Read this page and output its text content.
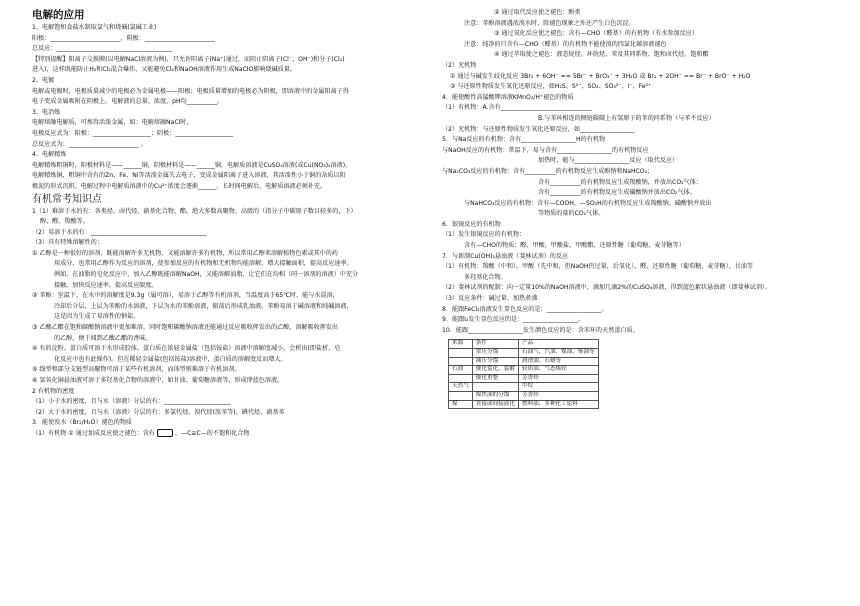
电解的应用
1、电解饱和食盐水制取氯气和烧碱(氯碱工业)
阳极：_______________________，阴极：_______________________
总反应：______________________________________
【特别提醒】阳离子交换膜(以电解NaCl溶液为例)，只允许阳离子(Na⁺)通过，而阻止阴离子(Cl⁻、OH⁻)和分子(Cl₂)
进入)，这样既能防止H₂和Cl₂混合爆炸，又能避免Cl₂和NaOH溶液作用生成NaClO影响烧碱质量。
2、电镀
电解或电镀时，电极质量减少的电极必为金属电极——阳极；电极质量增加的电极必为阴极，即溶液中的金属阳离子得
电子变成金属吸附在阴极上。电解液的总量、浓度、pH均__________。
3、电冶炼
电解熔融电解质，可炼得活泼金属，如：电解熔融NaCl时，
电极反应式为：阳极：___________________；阴极：___________________
总反应式为：_______________________ 。
4、电解精炼
电解精炼粗铜时，阳极材料是——______铜，阴极材料是——______铜，电解质溶液是CuSO₄溶液(或Cu(NO₃)₂溶液)。
电解精炼铜，粗铜中含有的Zn、Fe、Ni等活泼金属失去电子，变成金属阳离子进入溶液，其活泼性小于铜的杂质以阳
极泥的形式沉积。电解过程中电解质溶液中的Cu²⁺浓度会逐渐______。长时间电解后，电解质溶液必须补充。
有机常考知识点
1（1）难溶于水的有：各类烃、卤代烃、硝基化合物、酯、绝大多数高聚物、高级的（指分子中碳原子数目较多的，下）
醇、醛、羧酸等。
（2）易溶于水的有：______________________________________
（3）具有特殊溶解性的：
① 乙醇是一种很好的溶剂，既能溶解许多无机物，又能溶解许多有机物，所以常用乙醇来溶解植物色素或其中的药
用成分，也常用乙醇作为反应的溶剂，使参加反应的有机物和无机物均能溶解，增大接触面积，提高反应速率。
例如，在油脂的皂化反应中，加入乙醇既能溶解NaOH，又能溶解油脂，让它们在均相（同一溶剂的溶液）中充分
接触，加快反应速率，提高反应限度。
② 苯酚：室温下，在水中的溶解度是9.3g（属可溶），易溶于乙醇等有机溶剂，当温度高于65℃时，能与水混溶，
冷却后分层，上层为苯酚的水溶液，下层为水的苯酚溶液，振荡后形成乳浊液。苯酚易溶于碱溶液和纯碱溶液，
这是因为生成了易溶性的钠盐。
③ 乙酸乙酯在饱和碳酸钠溶液中更加难溶，同时饱和碳酸钠溶液还能通过反应吸收挥发出的乙酸，溶解吸收挥发出
的乙醇，便于闻到乙酸乙酯的香味。
④ 有的淀粉、蛋白质可溶于水形成胶体。蛋白质在浓轻金属盐（包括铵盐）溶液中溶解度减小，会析出(即盐析，皂
化反应中也有此操作)。但在稀轻金属盐(包括铵盐)溶液中，蛋白质的溶解度反而增大。
⑤ 线型和部分支链型高聚物可溶于某些有机溶剂，而体型则难溶于有机溶剂。
⑥ 氢氧化铜悬浊液可溶于多羟基化合物的溶液中，如甘油、葡萄糖溶液等，形成绛蓝色溶液。
2 有机物的密度
（1）小于水的密度，且与水（溶液）分层的有：______________________
（2）大于水的密度，且与水（溶液）分层的有：多氯代烃、溴代烃(溴苯等)、碘代烃、硝基苯
3．能使溴水（Br₂/H₂O）褪色的物质
（1）有机物 ① 通过加成反应使之褪色：含有	、—C≡C—的不饱和化合物
② 通过取代反应使之褪色：酚类
注意：苯酚溶液遇浓溴水时，除褪色现象之外还产生白色沉淀。
③ 通过氧化反应使之褪色：含有—CHO（醛基）的有机物（有水参加反应）
注意：纯净的只含有—CHO（醛基）的有机物不能使溴的四氯化碳溶液褪色
④ 通过萃取使之褪色：液态烷烃、环烷烃、苯及其同系物、饱和卤代烃、饱和酯
（2）无机物
① 通过与碱发生歧化反应 3Br₂ + 6OH⁻ == 5Br⁻ + BrO₃⁻ + 3H₂O 或 Br₂ + 2OH⁻ == Br⁻ + BrO⁻ + H₂O
② 与还原性物质发生氧化还原反应，如H₂S、S²⁻、SO₂、SO₃²⁻、I⁻、Fe²⁺
4．能使酸性高锰酸钾溶液KMnO₄/H⁺褪色的物质
（1）有机物：A.含有______________________________
B.与苯环相连的侧链碳碳上有氢原子的苯的同系物（与苯不反应）
（2）无机物：与还原性物质发生氧化还原反应，如__________________
5．与Na反应的有机物：含有__________________H的有机物
与NaOH反应的有机物：常温下，易与含有__________________的有机物反应
加热时，能与__________________反应（取代反应）
与Na₂CO₃反应的有机物：含有__________的有机物反应生成酚钠和NaHCO₃；
含有__________的有机物反应生成羧酸钠，并放出CO₂气体；
含有__________的有机物反应生成磺酸钠并放出CO₂气体。
与NaHCO₃反应的有机物：含有—COOH、—SO₃H的有机物反应生成羧酸钠、磺酸钠并放出
等物质的量的CO₂气体。
6．银镜反应的有机物
（1）发生银镜反应的有机物：
含有—CHO的物质：醛、甲酸、甲酸盐、甲酸酯、还原性糖（葡萄糖、麦芽糖等）
7．与新制Cu(OH)₂悬浊液（斐林试剂）的反应
（1）有机物：羧酸（中和）、甲酸（先中和，但NaOH仍过量，后氧化）、醛、还原性糖（葡萄糖、麦芽糖）、甘油等
多羟基化合物。
（2）斐林试剂的配制：向一定量10%的NaOH溶液中，滴加几滴2%的CuSO₄溶液，得到蓝色絮状悬浊液（即斐林试剂）。
（3）反应条件：碱过量、加热煮沸
8．能跟FeCl₃溶液发生显色反应的是：__________________。
9．能跟I₂发生显色反应的是：__________________。
10．能跟__________________发生颜色反应的是：含苯环的天然蛋白质。
来源	条件	产品
	常压分馏	石油气、汽油、煤油、柴油等
	减压分馏	润滑油、石蜡等
石油	催化裂化、裂解	轻质油、气态烯烃
	催化重整	芳香烃
天然气		甲烷
	煤焦油的分馏	芳香烃
煤	直接或间接液化	燃料油、多种化工原料
